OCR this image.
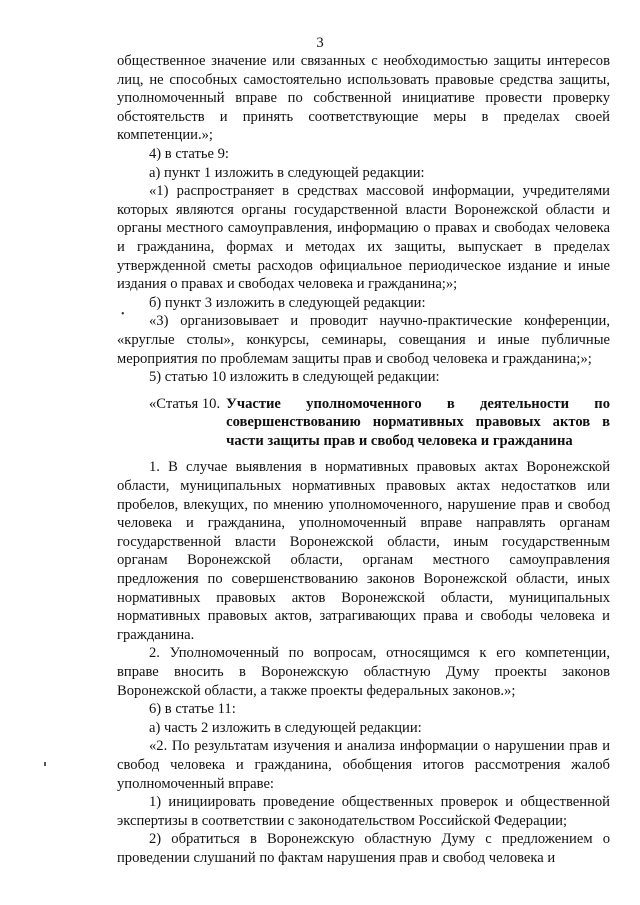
3

общественное значение или связанных с необходимостью защиты интересов лиц, не способных самостоятельно использовать правовые средства защиты, уполномоченный вправе по собственной инициативе провести проверку обстоятельств и принять соответствующие меры в пределах своей компетенции.»;

4) в статье 9:

а) пункт 1 изложить в следующей редакции:

«1) распространяет в средствах массовой информации, учредителями которых являются органы государственной власти Воронежской области и органы местного самоуправления, информацию о правах и свободах человека и гражданина, формах и методах их защиты, выпускает в пределах утвержденной сметы расходов официальное периодическое издание и иные издания о правах и свободах человека и гражданина;»;

б) пункт 3 изложить в следующей редакции:

«3) организовывает и проводит научно-практические конференции, «круглые столы», конкурсы, семинары, совещания и иные публичные мероприятия по проблемам защиты прав и свобод человека и гражданина;»;

5) статью 10 изложить в следующей редакции:

«Статья 10. Участие уполномоченного в деятельности по совершенствованию нормативных правовых актов в части защиты прав и свобод человека и гражданина

1. В случае выявления в нормативных правовых актах Воронежской области, муниципальных нормативных правовых актах недостатков или пробелов, влекущих, по мнению уполномоченного, нарушение прав и свобод человека и гражданина, уполномоченный вправе направлять органам государственной власти Воронежской области, иным государственным органам Воронежской области, органам местного самоуправления предложения по совершенствованию законов Воронежской области, иных нормативных правовых актов Воронежской области, муниципальных нормативных правовых актов, затрагивающих права и свободы человека и гражданина.

2. Уполномоченный по вопросам, относящимся к его компетенции, вправе вносить в Воронежскую областную Думу проекты законов Воронежской области, а также проекты федеральных законов.»;

6) в статье 11:

а) часть 2 изложить в следующей редакции:

«2. По результатам изучения и анализа информации о нарушении прав и свобод человека и гражданина, обобщения итогов рассмотрения жалоб уполномоченный вправе:

1) инициировать проведение общественных проверок и общественной экспертизы в соответствии с законодательством Российской Федерации;

2) обратиться в Воронежскую областную Думу с предложением о проведении слушаний по фактам нарушения прав и свобод человека и

•
